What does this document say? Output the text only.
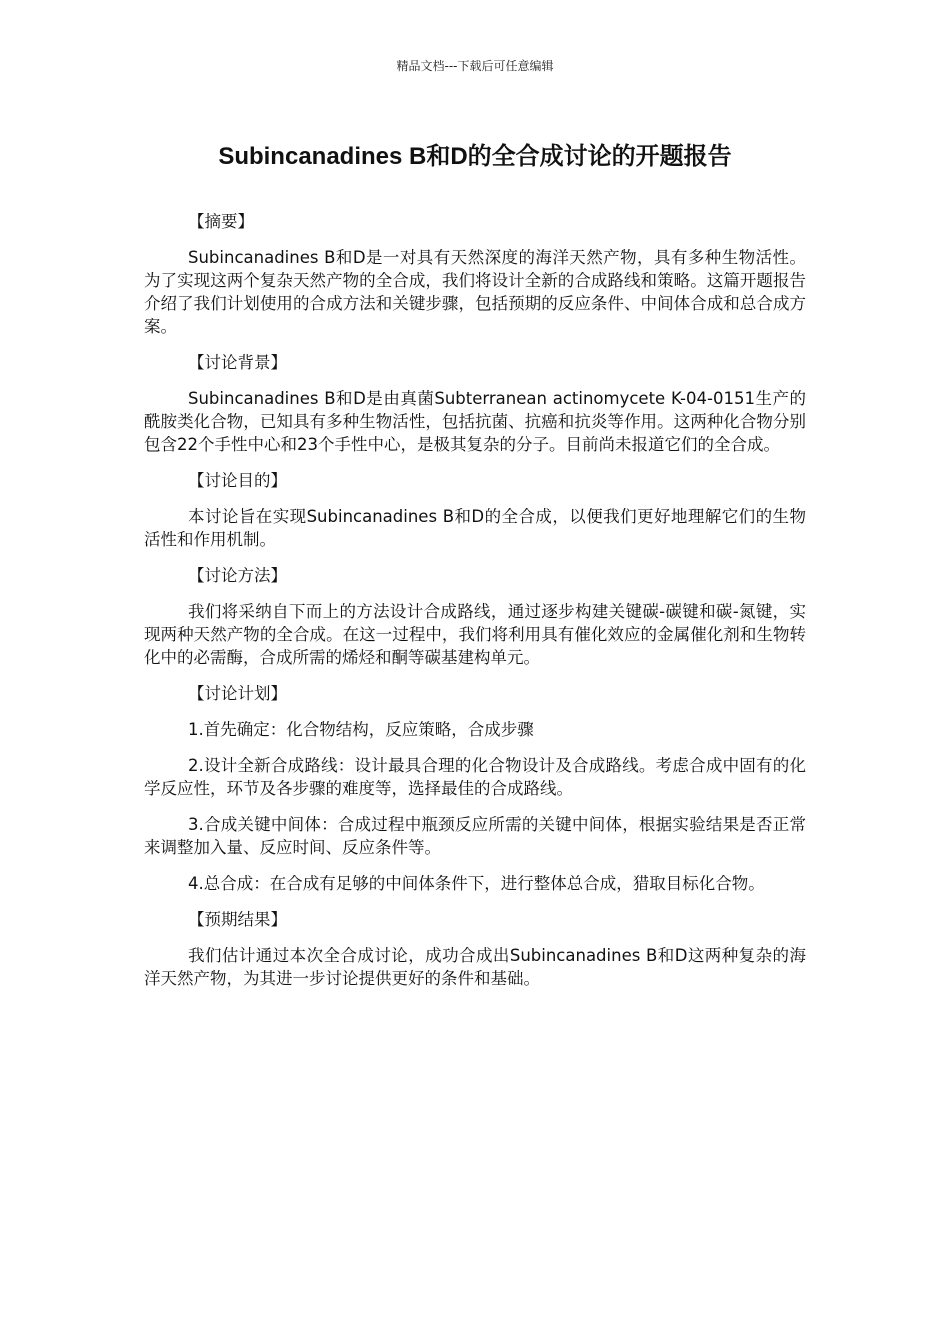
精品文档---下载后可任意编辑
Subincanadines B和D的全合成讨论的开题报告
【摘要】

Subincanadines B和D是一对具有天然深度的海洋天然产物，具有多种生物活性。为了实现这两个复杂天然产物的全合成，我们将设计全新的合成路线和策略。这篇开题报告介绍了我们计划使用的合成方法和关键步骤，包括预期的反应条件、中间体合成和总合成方案。

【讨论背景】

Subincanadines B和D是由真菌Subterranean actinomycete K-04-0151生产的酰胺类化合物，已知具有多种生物活性，包括抗菌、抗癌和抗炎等作用。这两种化合物分别包含22个手性中心和23个手性中心，是极其复杂的分子。目前尚未报道它们的全合成。

【讨论目的】

本讨论旨在实现Subincanadines B和D的全合成，以便我们更好地理解它们的生物活性和作用机制。

【讨论方法】

我们将采纳自下而上的方法设计合成路线，通过逐步构建关键碳-碳键和碳-氮键，实现两种天然产物的全合成。在这一过程中，我们将利用具有催化效应的金属催化剂和生物转化中的必需酶，合成所需的烯烃和酮等碳基建构单元。

【讨论计划】

1.首先确定：化合物结构，反应策略，合成步骤

2.设计全新合成路线：设计最具合理的化合物设计及合成路线。考虑合成中固有的化学反应性，环节及各步骤的难度等，选择最佳的合成路线。

3.合成关键中间体：合成过程中瓶颈反应所需的关键中间体，根据实验结果是否正常来调整加入量、反应时间、反应条件等。

4.总合成：在合成有足够的中间体条件下，进行整体总合成，猎取目标化合物。

【预期结果】

我们估计通过本次全合成讨论，成功合成出Subincanadines B和D这两种复杂的海洋天然产物，为其进一步讨论提供更好的条件和基础。
